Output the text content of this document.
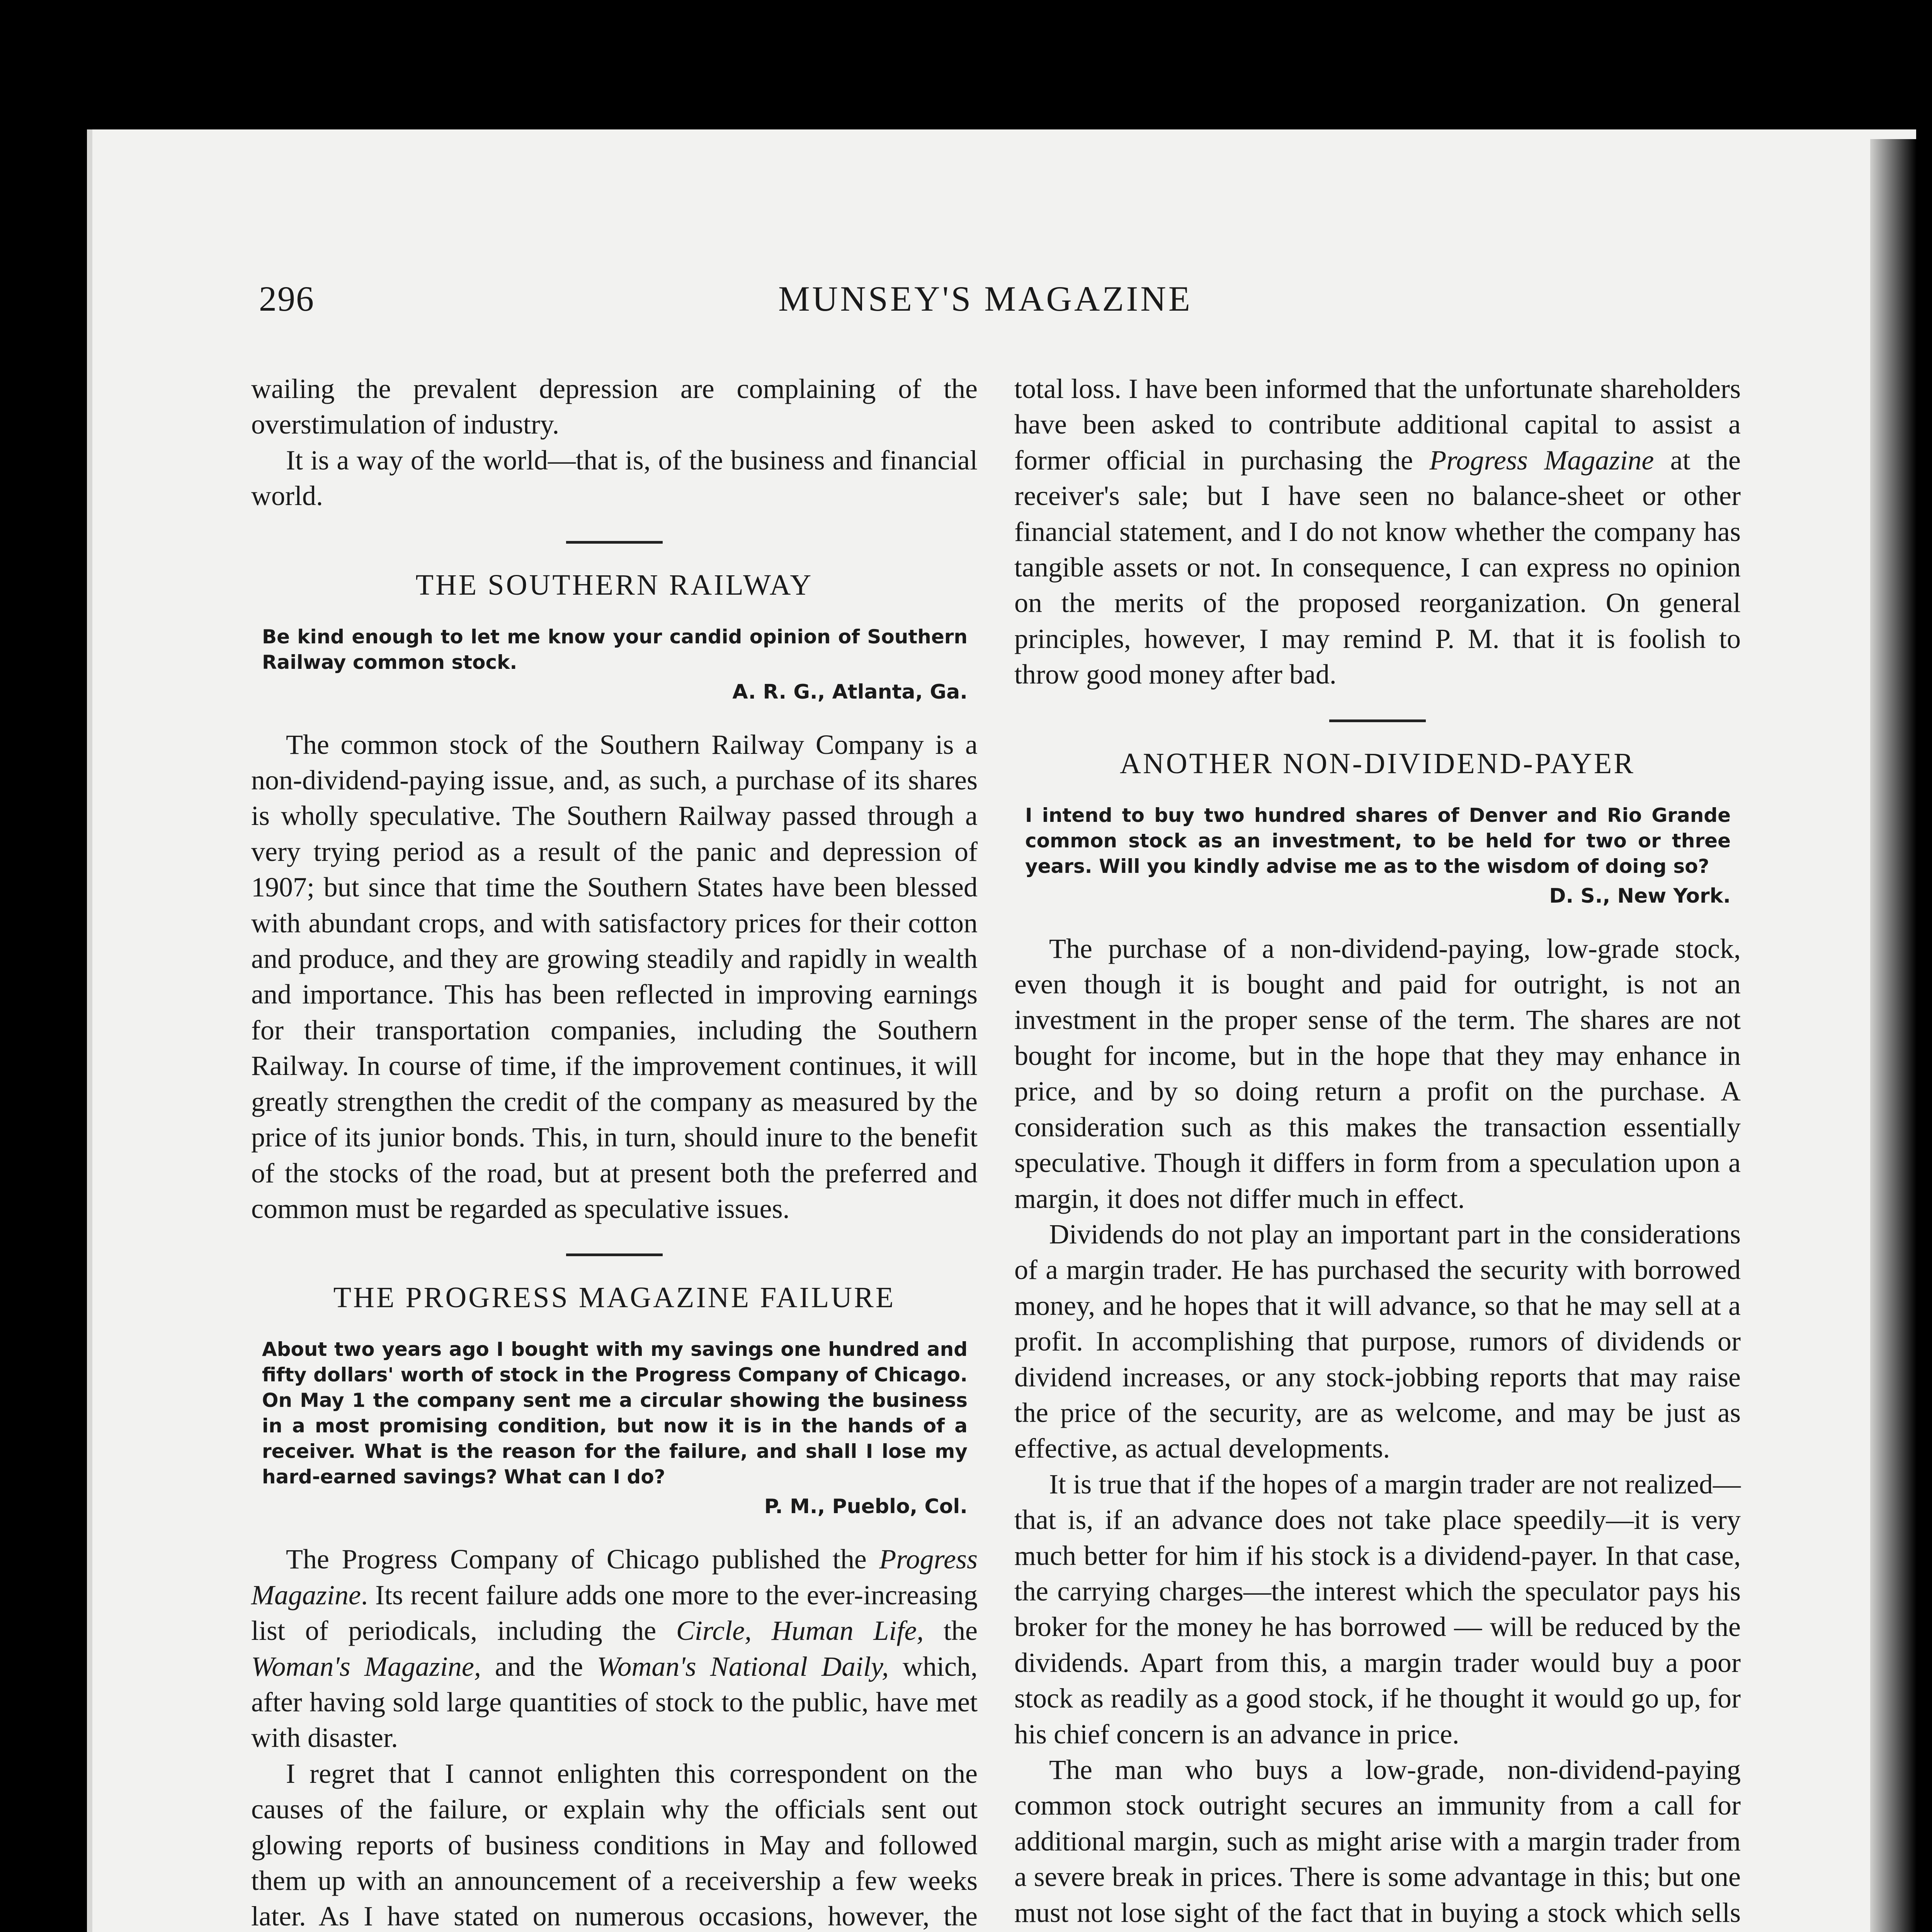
296	MUNSEY'S MAGAZINE

wailing the prevalent depression are complaining of the overstimulation of industry.

It is a way of the world—that is, of the business and financial world.

THE SOUTHERN RAILWAY

Be kind enough to let me know your candid opinion of Southern Railway common stock.

A. R. G., Atlanta, Ga.

The common stock of the Southern Railway Company is a non-dividend-paying issue, and, as such, a purchase of its shares is wholly speculative. The Southern Railway passed through a very trying period as a result of the panic and depression of 1907; but since that time the Southern States have been blessed with abundant crops, and with satisfactory prices for their cotton and produce, and they are growing steadily and rapidly in wealth and importance. This has been reflected in improving earnings for their transportation companies, including the Southern Railway. In course of time, if the improvement continues, it will greatly strengthen the credit of the company as measured by the price of its junior bonds. This, in turn, should inure to the benefit of the stocks of the road, but at present both the preferred and common must be regarded as speculative issues.

THE PROGRESS MAGAZINE FAILURE

About two years ago I bought with my savings one hundred and fifty dollars' worth of stock in the Progress Company of Chicago. On May 1 the company sent me a circular showing the business in a most promising condition, but now it is in the hands of a receiver. What is the reason for the failure, and shall I lose my hard-earned savings? What can I do?

P. M., Pueblo, Col.

The Progress Company of Chicago published the Progress Magazine. Its recent failure adds one more to the ever-increasing list of periodicals, including the Circle, Human Life, the Woman's Magazine, and the Woman's National Daily, which, after having sold large quantities of stock to the public, have met with disaster.

I regret that I cannot enlighten this correspondent on the causes of the failure, or explain why the officials sent out glowing reports of business conditions in May and followed them up with an announcement of a receivership a few weeks later. As I have stated on numerous occasions, however, the

total loss. I have been informed that the unfortunate shareholders have been asked to contribute additional capital to assist a former official in purchasing the Progress Magazine at the receiver's sale; but I have seen no balance-sheet or other financial statement, and I do not know whether the company has tangible assets or not. In consequence, I can express no opinion on the merits of the proposed reorganization. On general principles, however, I may remind P. M. that it is foolish to throw good money after bad.

ANOTHER NON-DIVIDEND-PAYER

I intend to buy two hundred shares of Denver and Rio Grande common stock as an investment, to be held for two or three years. Will you kindly advise me as to the wisdom of doing so?

D. S., New York.

The purchase of a non-dividend-paying, low-grade stock, even though it is bought and paid for outright, is not an investment in the proper sense of the term. The shares are not bought for income, but in the hope that they may enhance in price, and by so doing return a profit on the purchase. A consideration such as this makes the transaction essentially speculative. Though it differs in form from a speculation upon a margin, it does not differ much in effect.

Dividends do not play an important part in the considerations of a margin trader. He has purchased the security with borrowed money, and he hopes that it will advance, so that he may sell at a profit. In accomplishing that purpose, rumors of dividends or dividend increases, or any stock-jobbing reports that may raise the price of the security, are as welcome, and may be just as effective, as actual developments.

It is true that if the hopes of a margin trader are not realized—that is, if an advance does not take place speedily—it is very much better for him if his stock is a dividend-payer. In that case, the carrying charges—the interest which the speculator pays his broker for the money he has borrowed — will be reduced by the dividends. Apart from this, a margin trader would buy a poor stock as readily as a good stock, if he thought it would go up, for his chief concern is an advance in price.

The man who buys a low-grade, non-dividend-paying common stock outright secures an immunity from a call for additional margin, such as might arise with a margin trader from a severe break in prices. There is some advantage in this; but one must not lose sight of the fact that in buying a stock which sells
